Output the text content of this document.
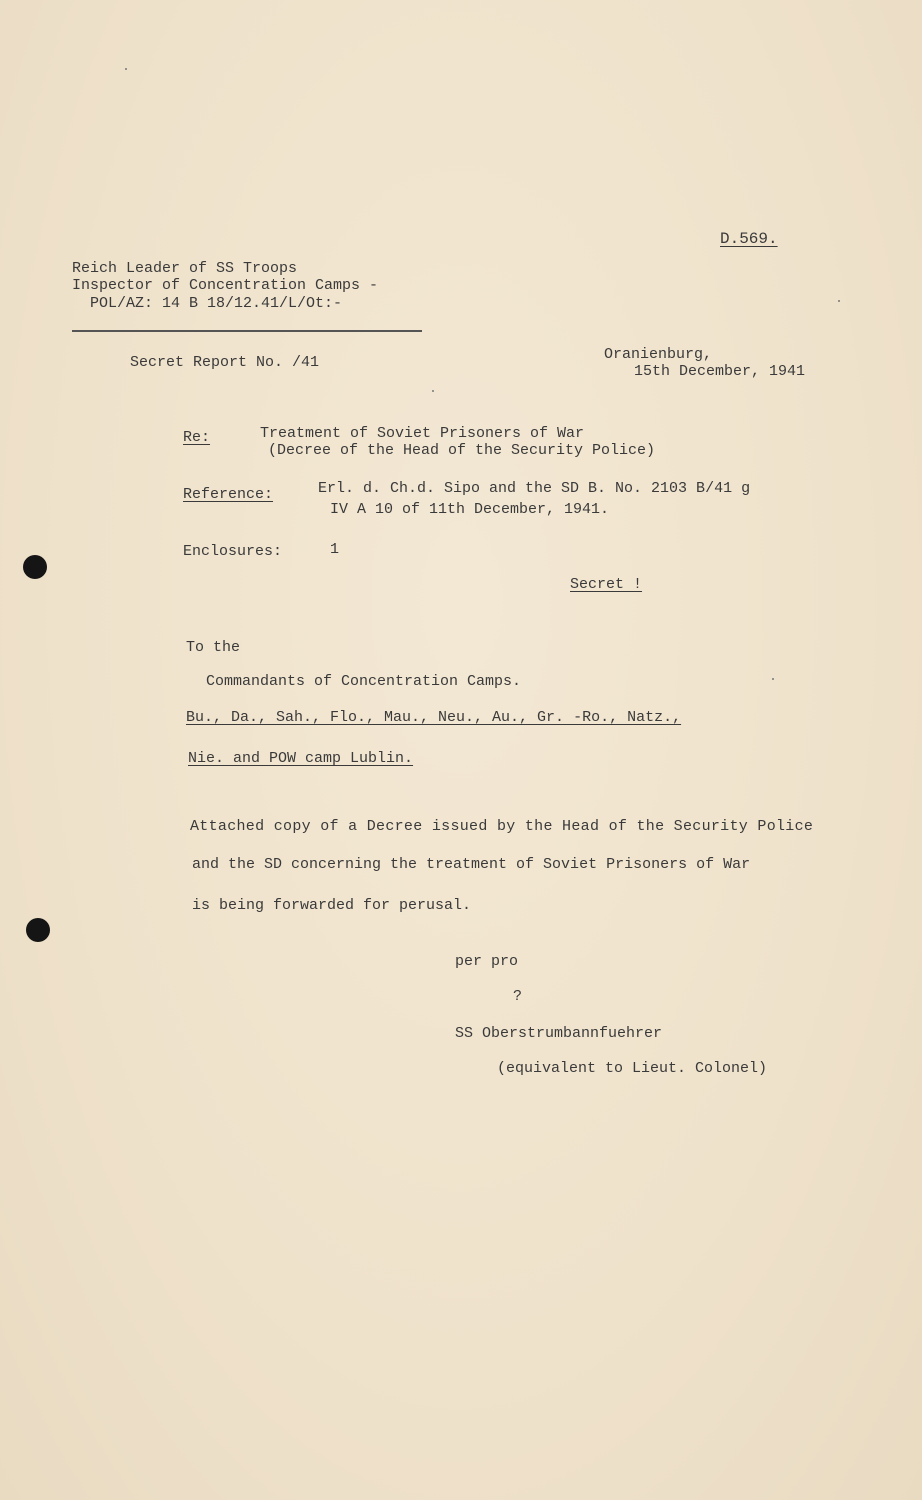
D.569.
Reich Leader of SS Troops
Inspector of Concentration Camps -
POL/AZ: 14 B 18/12.41/L/Ot:-
Secret Report No. /41	Oranienburg,
15th December, 1941
Re:	Treatment of Soviet Prisoners of War
(Decree of the Head of the Security Police)
Reference:	Erl. d. Ch.d. Sipo and the SD B. No. 2103 B/41 g
IV A 10 of 11th December, 1941.
Enclosures:	1
Secret !
To the
Commandants of Concentration Camps.
Bu., Da., Sah., Flo., Mau., Neu., Au., Gr. -Ro., Natz.,
Nie. and POW camp Lublin.
Attached copy of a Decree issued by the Head of the Security Police
and the SD concerning the treatment of Soviet Prisoners of War
is being forwarded for perusal.
per pro
?
SS Oberstrumbannfuehrer
(equivalent to Lieut. Colonel)
